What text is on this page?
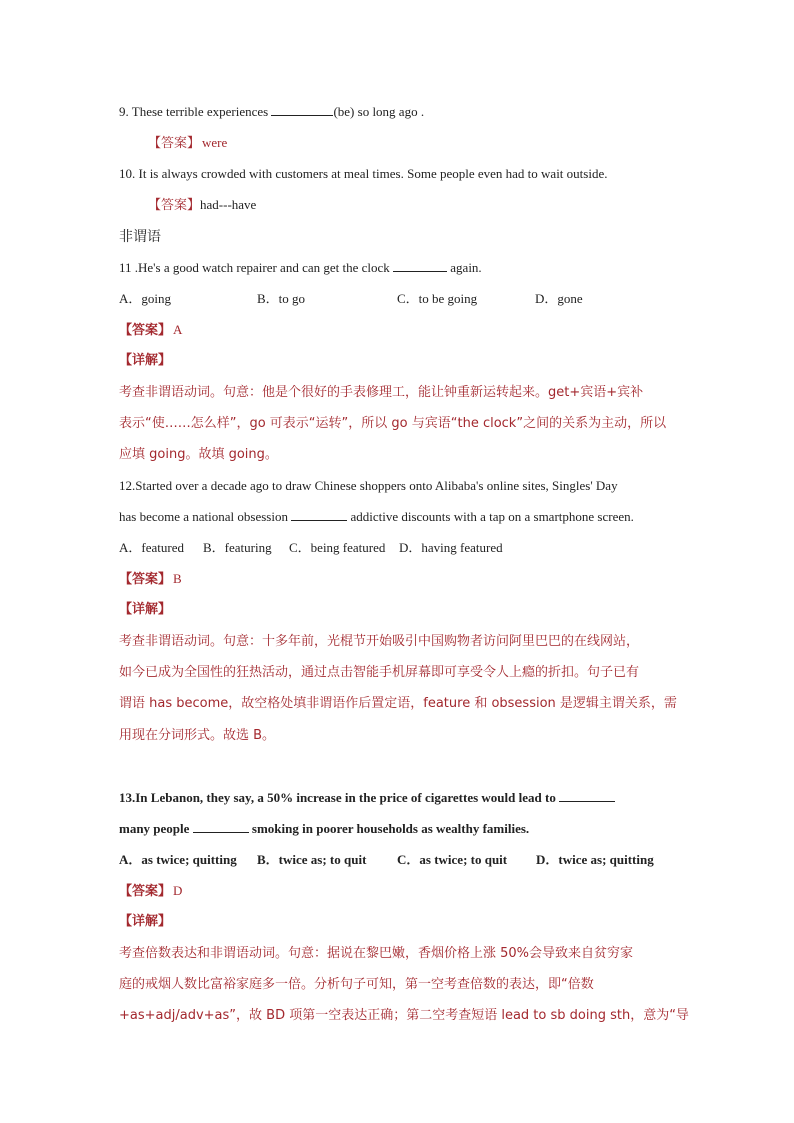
9. These terrible experiences	(be) so long ago .
【答案】 were
10. It is always crowded with customers at meal times. Some people even had to wait outside.
【答案】had---have
非谓语
11 .He's a good watch repairer and can get the clock	again.
A．going	B．to go	C．to be going	D．gone
【答案】 A
【详解】
考查非谓语动词。句意：他是个很好的手表修理工，能让钟重新运转起来。get+宾语+宾补
表示“使……怎么样”，go 可表示“运转”，所以 go 与宾语“the clock”之间的关系为主动，所以
应填 going。故填 going。
12.Started over a decade ago to draw Chinese shoppers onto Alibaba's online sites, Singles' Day
has become a national obsession	addictive discounts with a tap on a smartphone screen.
A．featured B．featuring C．being featured D．having featured
【答案】 B
【详解】
考查非谓语动词。句意：十多年前，光棍节开始吸引中国购物者访问阿里巴巴的在线网站，
如今已成为全国性的狂热活动，通过点击智能手机屏幕即可享受令人上瘾的折扣。句子已有
谓语 has become，故空格处填非谓语作后置定语，feature 和 obsession 是逻辑主谓关系，需
用现在分词形式。故选 B。
13.In Lebanon, they say, a 50% increase in the price of cigarettes would lead to
many people	smoking in poorer households as wealthy families.
A．as twice; quitting B．twice as; to quit C．as twice; to quit D．twice as; quitting
【答案】 D
【详解】
考查倍数表达和非谓语动词。句意：据说在黎巴嫩，香烟价格上涨 50%会导致来自贫穷家
庭的戒烟人数比富裕家庭多一倍。分析句子可知，第一空考查倍数的表达，即“倍数
+as+adj/adv+as”，故 BD 项第一空表达正确；第二空考查短语 lead to sb doing sth，意为“导
